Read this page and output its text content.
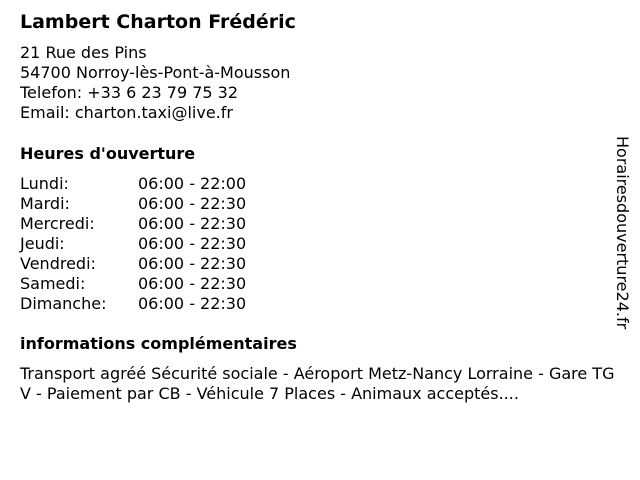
Lambert Charton Frédéric
21 Rue des Pins
54700 Norroy-lès-Pont-à-Mousson
Telefon: +33 6 23 79 75 32
Email: charton.taxi@live.fr
Heures d'ouverture
Lundi:	06:00 - 22:00
Mardi:	06:00 - 22:30
Mercredi:	06:00 - 22:30
Jeudi:	06:00 - 22:30
Vendredi:	06:00 - 22:30
Samedi:	06:00 - 22:30
Dimanche: 06:00 - 22:30
informations complémentaires
Transport agréé Sécurité sociale - Aéroport Metz-Nancy Lorraine - Gare TGV - Paiement par CB - Véhicule 7 Places - Animaux acceptés....
Horairesdouverture24.fr
